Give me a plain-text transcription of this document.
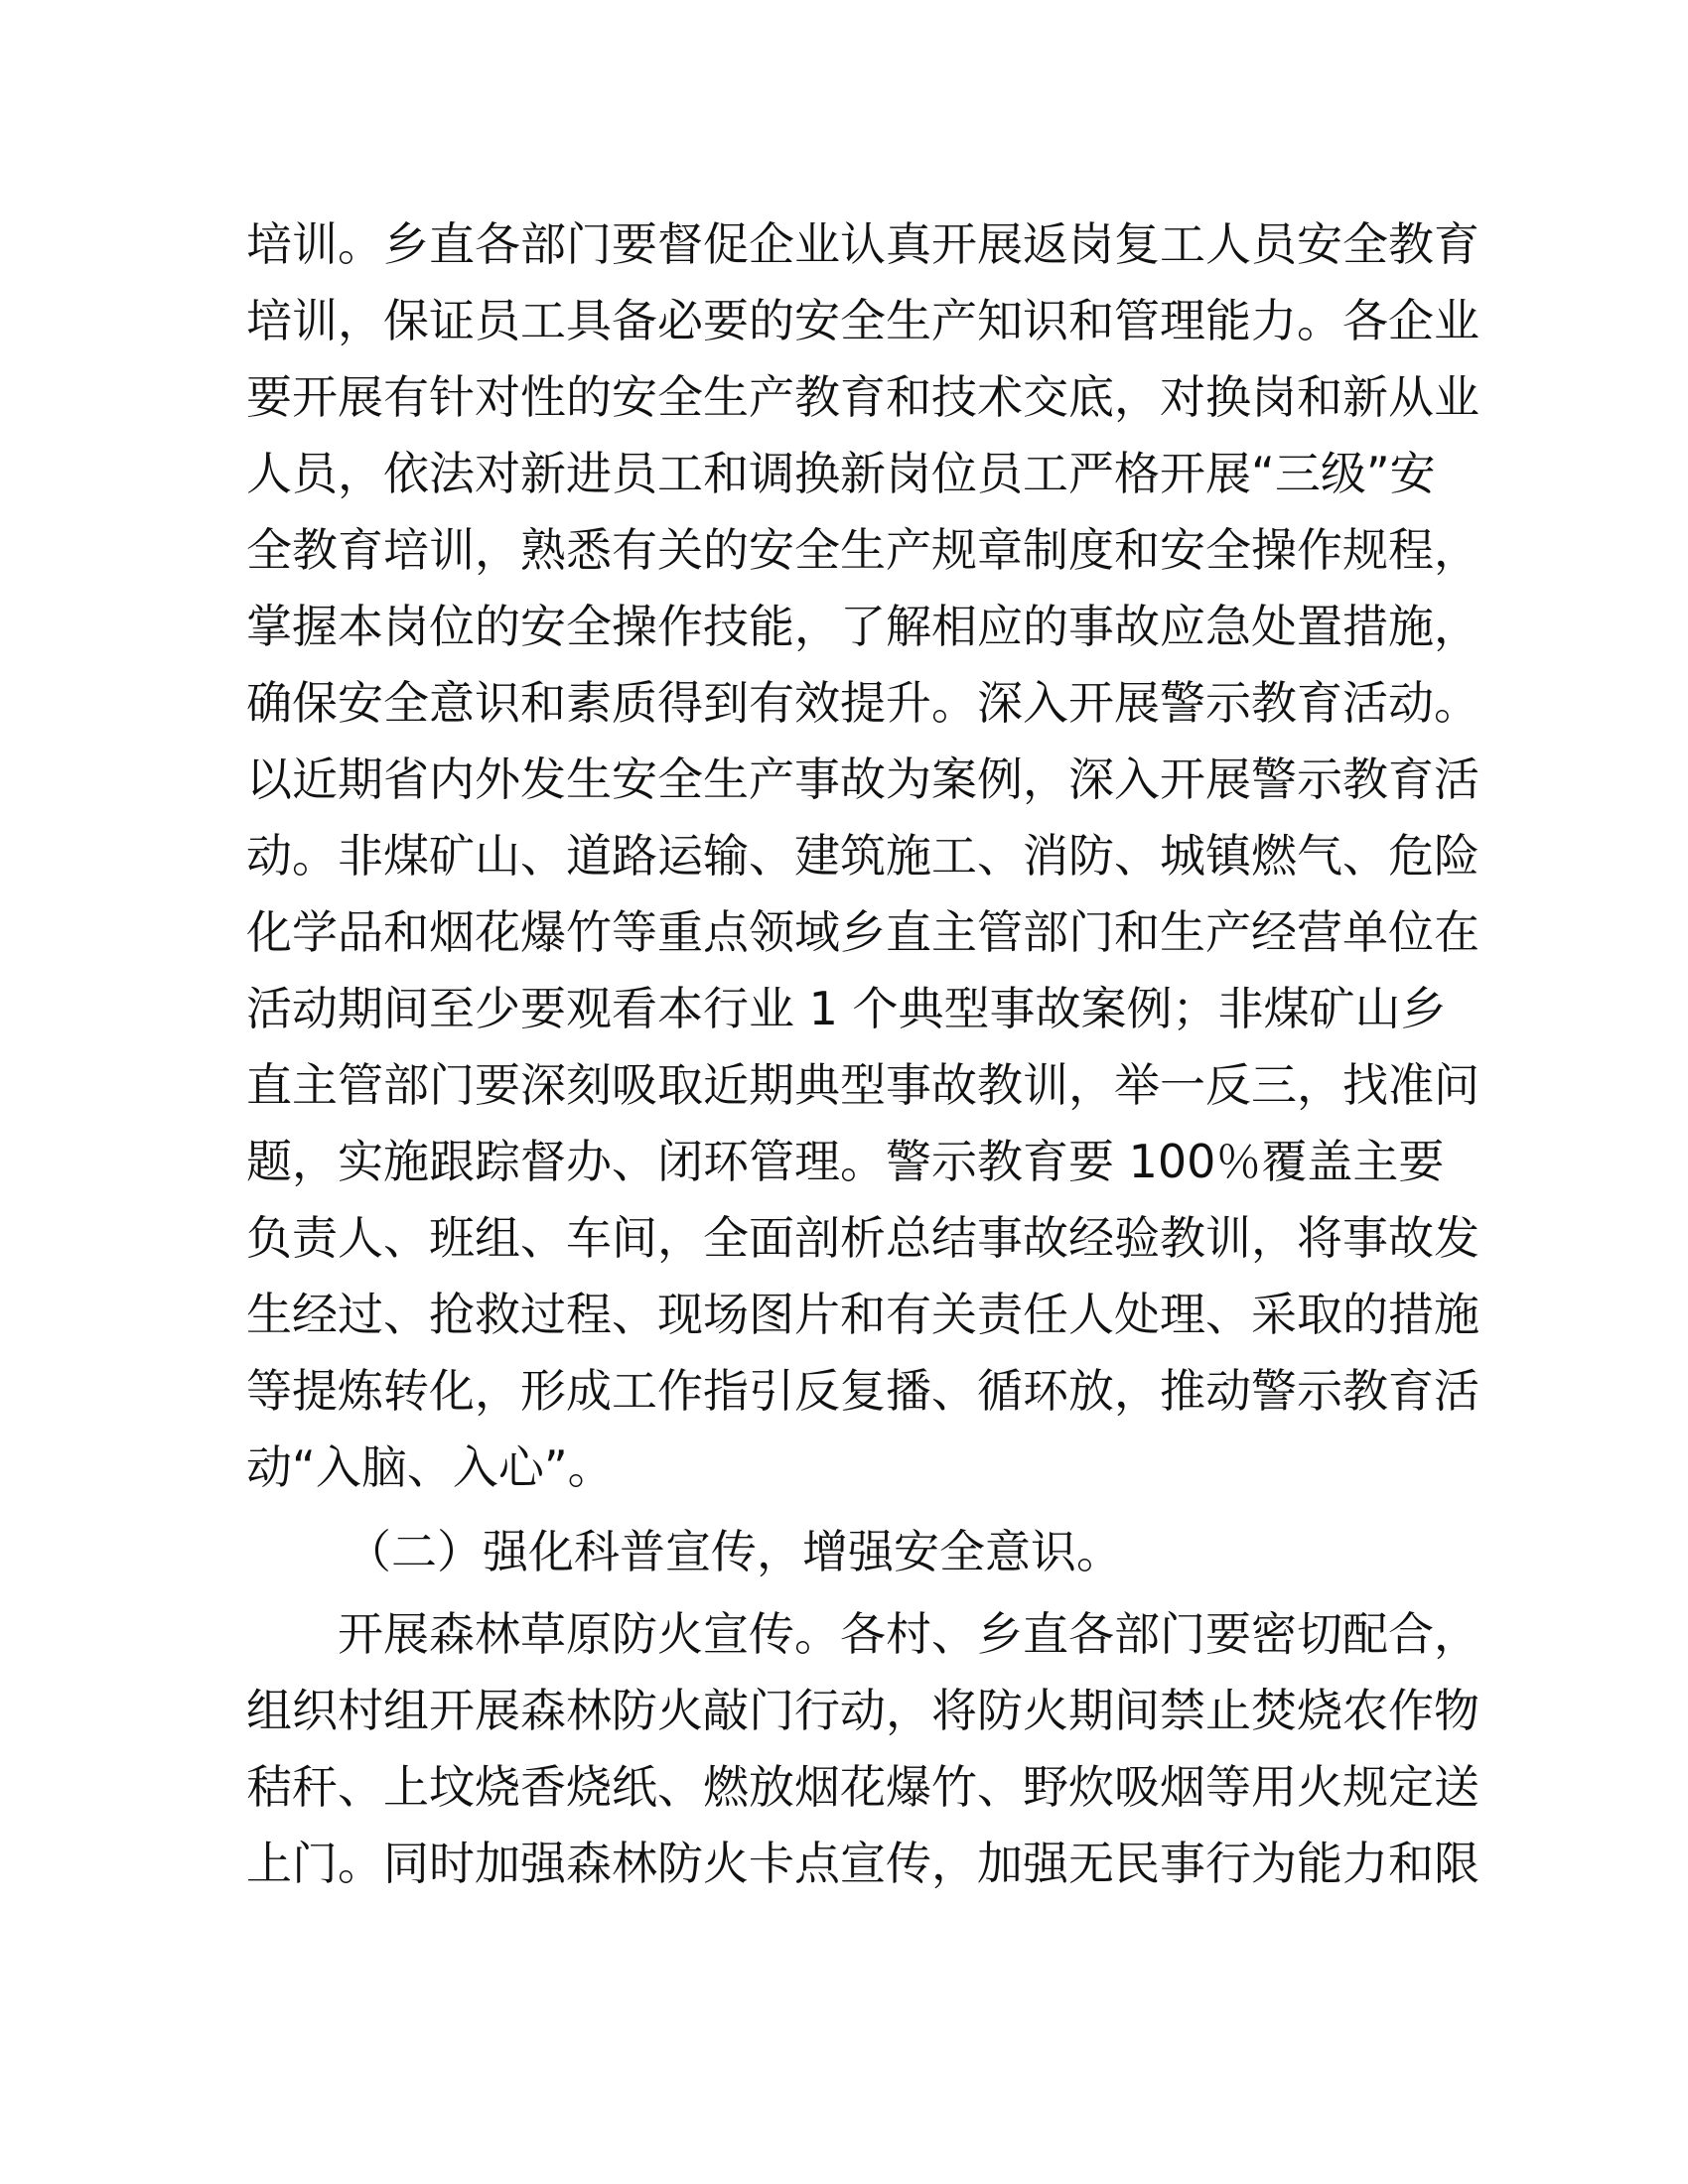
培训。乡直各部门要督促企业认真开展返岗复工人员安全教育
培训，保证员工具备必要的安全生产知识和管理能力。各企业
要开展有针对性的安全生产教育和技术交底，对换岗和新从业
人员，依法对新进员工和调换新岗位员工严格开展“三级”安
全教育培训，熟悉有关的安全生产规章制度和安全操作规程，
掌握本岗位的安全操作技能，了解相应的事故应急处置措施，
确保安全意识和素质得到有效提升。深入开展警示教育活动。
以近期省内外发生安全生产事故为案例，深入开展警示教育活
动。非煤矿山、道路运输、建筑施工、消防、城镇燃气、危险
化学品和烟花爆竹等重点领域乡直主管部门和生产经营单位在
活动期间至少要观看本行业 1 个典型事故案例；非煤矿山乡
直主管部门要深刻吸取近期典型事故教训，举一反三，找准问
题，实施跟踪督办、闭环管理。警示教育要 100％覆盖主要
负责人、班组、车间，全面剖析总结事故经验教训，将事故发
生经过、抢救过程、现场图片和有关责任人处理、采取的措施
等提炼转化，形成工作指引反复播、循环放，推动警示教育活
动“入脑、入心”。
（二）强化科普宣传，增强安全意识。
开展森林草原防火宣传。各村、乡直各部门要密切配合，
组织村组开展森林防火敲门行动，将防火期间禁止焚烧农作物
秸秆、上坟烧香烧纸、燃放烟花爆竹、野炊吸烟等用火规定送
上门。同时加强森林防火卡点宣传，加强无民事行为能力和限
